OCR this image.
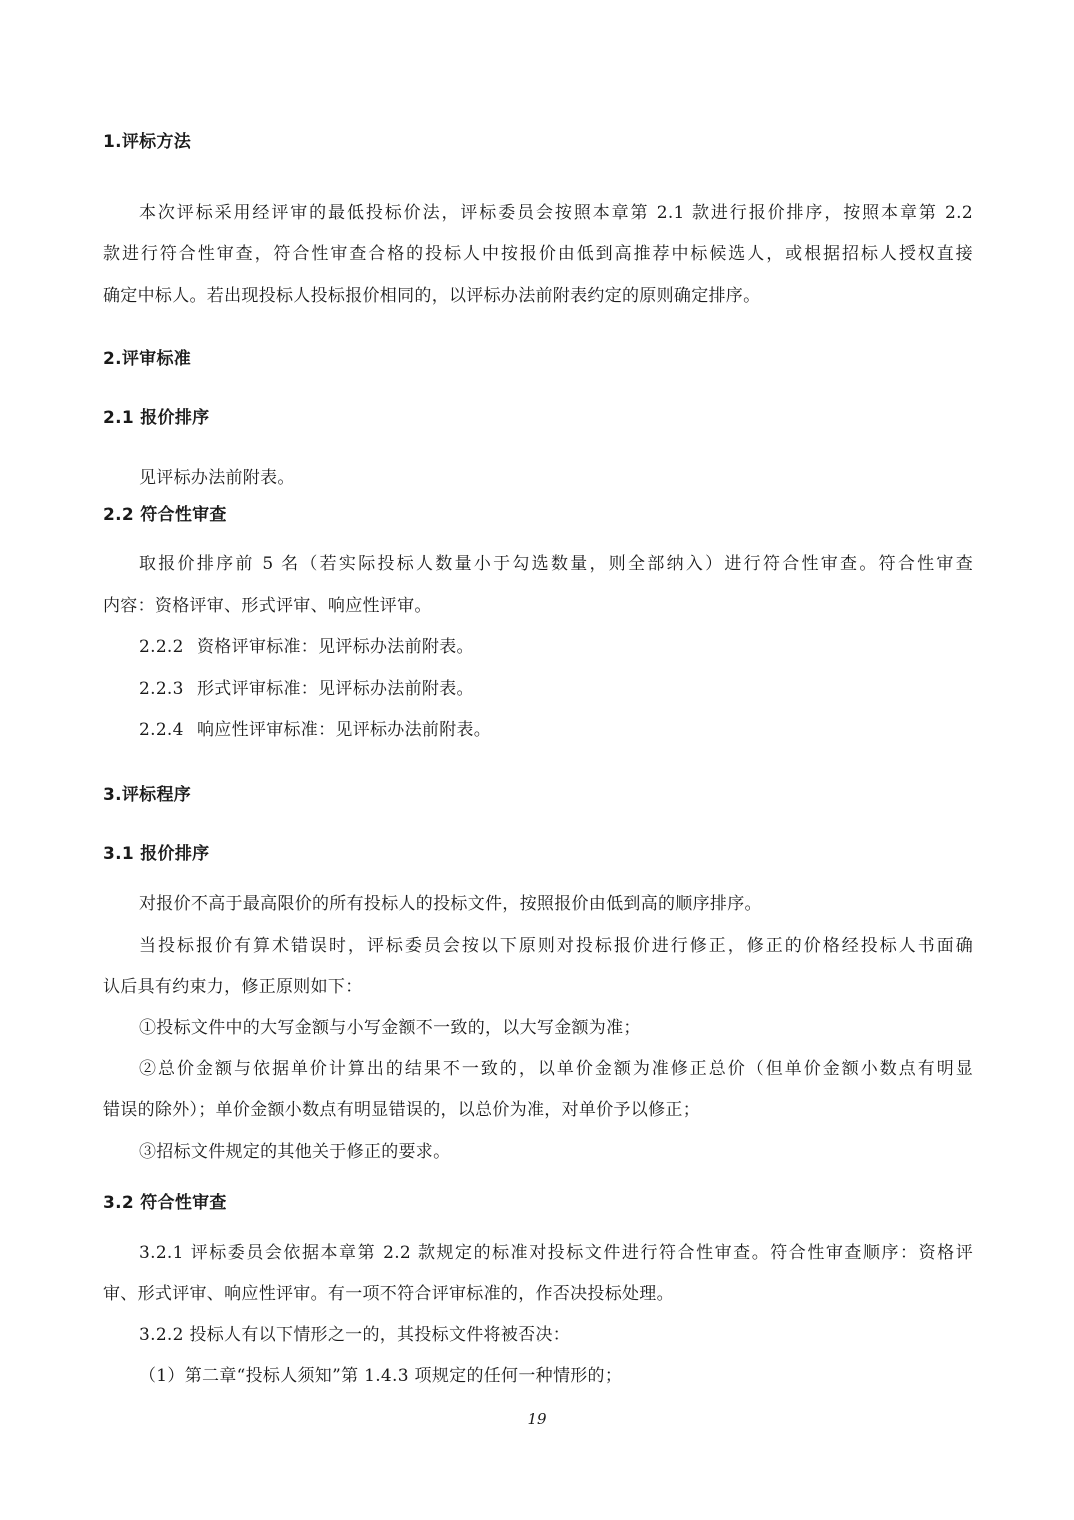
1.评标方法
本次评标采用经评审的最低投标价法，评标委员会按照本章第 2.1 款进行报价排序，按照本章第 2.2
款进行符合性审查，符合性审查合格的投标人中按报价由低到高推荐中标候选人，或根据招标人授权直接
确定中标人。若出现投标人投标报价相同的，以评标办法前附表约定的原则确定排序。
2.评审标准
2.1 报价排序
见评标办法前附表。
2.2 符合性审查
取报价排序前 5 名（若实际投标人数量小于勾选数量，则全部纳入）进行符合性审查。符合性审查
内容：资格评审、形式评审、响应性评审。
2.2.2 资格评审标准：见评标办法前附表。
2.2.3 形式评审标准：见评标办法前附表。
2.2.4 响应性评审标准：见评标办法前附表。
3.评标程序
3.1 报价排序
对报价不高于最高限价的所有投标人的投标文件，按照报价由低到高的顺序排序。
当投标报价有算术错误时，评标委员会按以下原则对投标报价进行修正，修正的价格经投标人书面确
认后具有约束力，修正原则如下：
①投标文件中的大写金额与小写金额不一致的，以大写金额为准；
②总价金额与依据单价计算出的结果不一致的，以单价金额为准修正总价（但单价金额小数点有明显
错误的除外）；单价金额小数点有明显错误的，以总价为准，对单价予以修正；
③招标文件规定的其他关于修正的要求。
3.2 符合性审查
3.2.1 评标委员会依据本章第 2.2 款规定的标准对投标文件进行符合性审查。符合性审查顺序：资格评
审、形式评审、响应性评审。有一项不符合评审标准的，作否决投标处理。
3.2.2 投标人有以下情形之一的，其投标文件将被否决：
（1）第二章“投标人须知”第 1.4.3 项规定的任何一种情形的；
19
